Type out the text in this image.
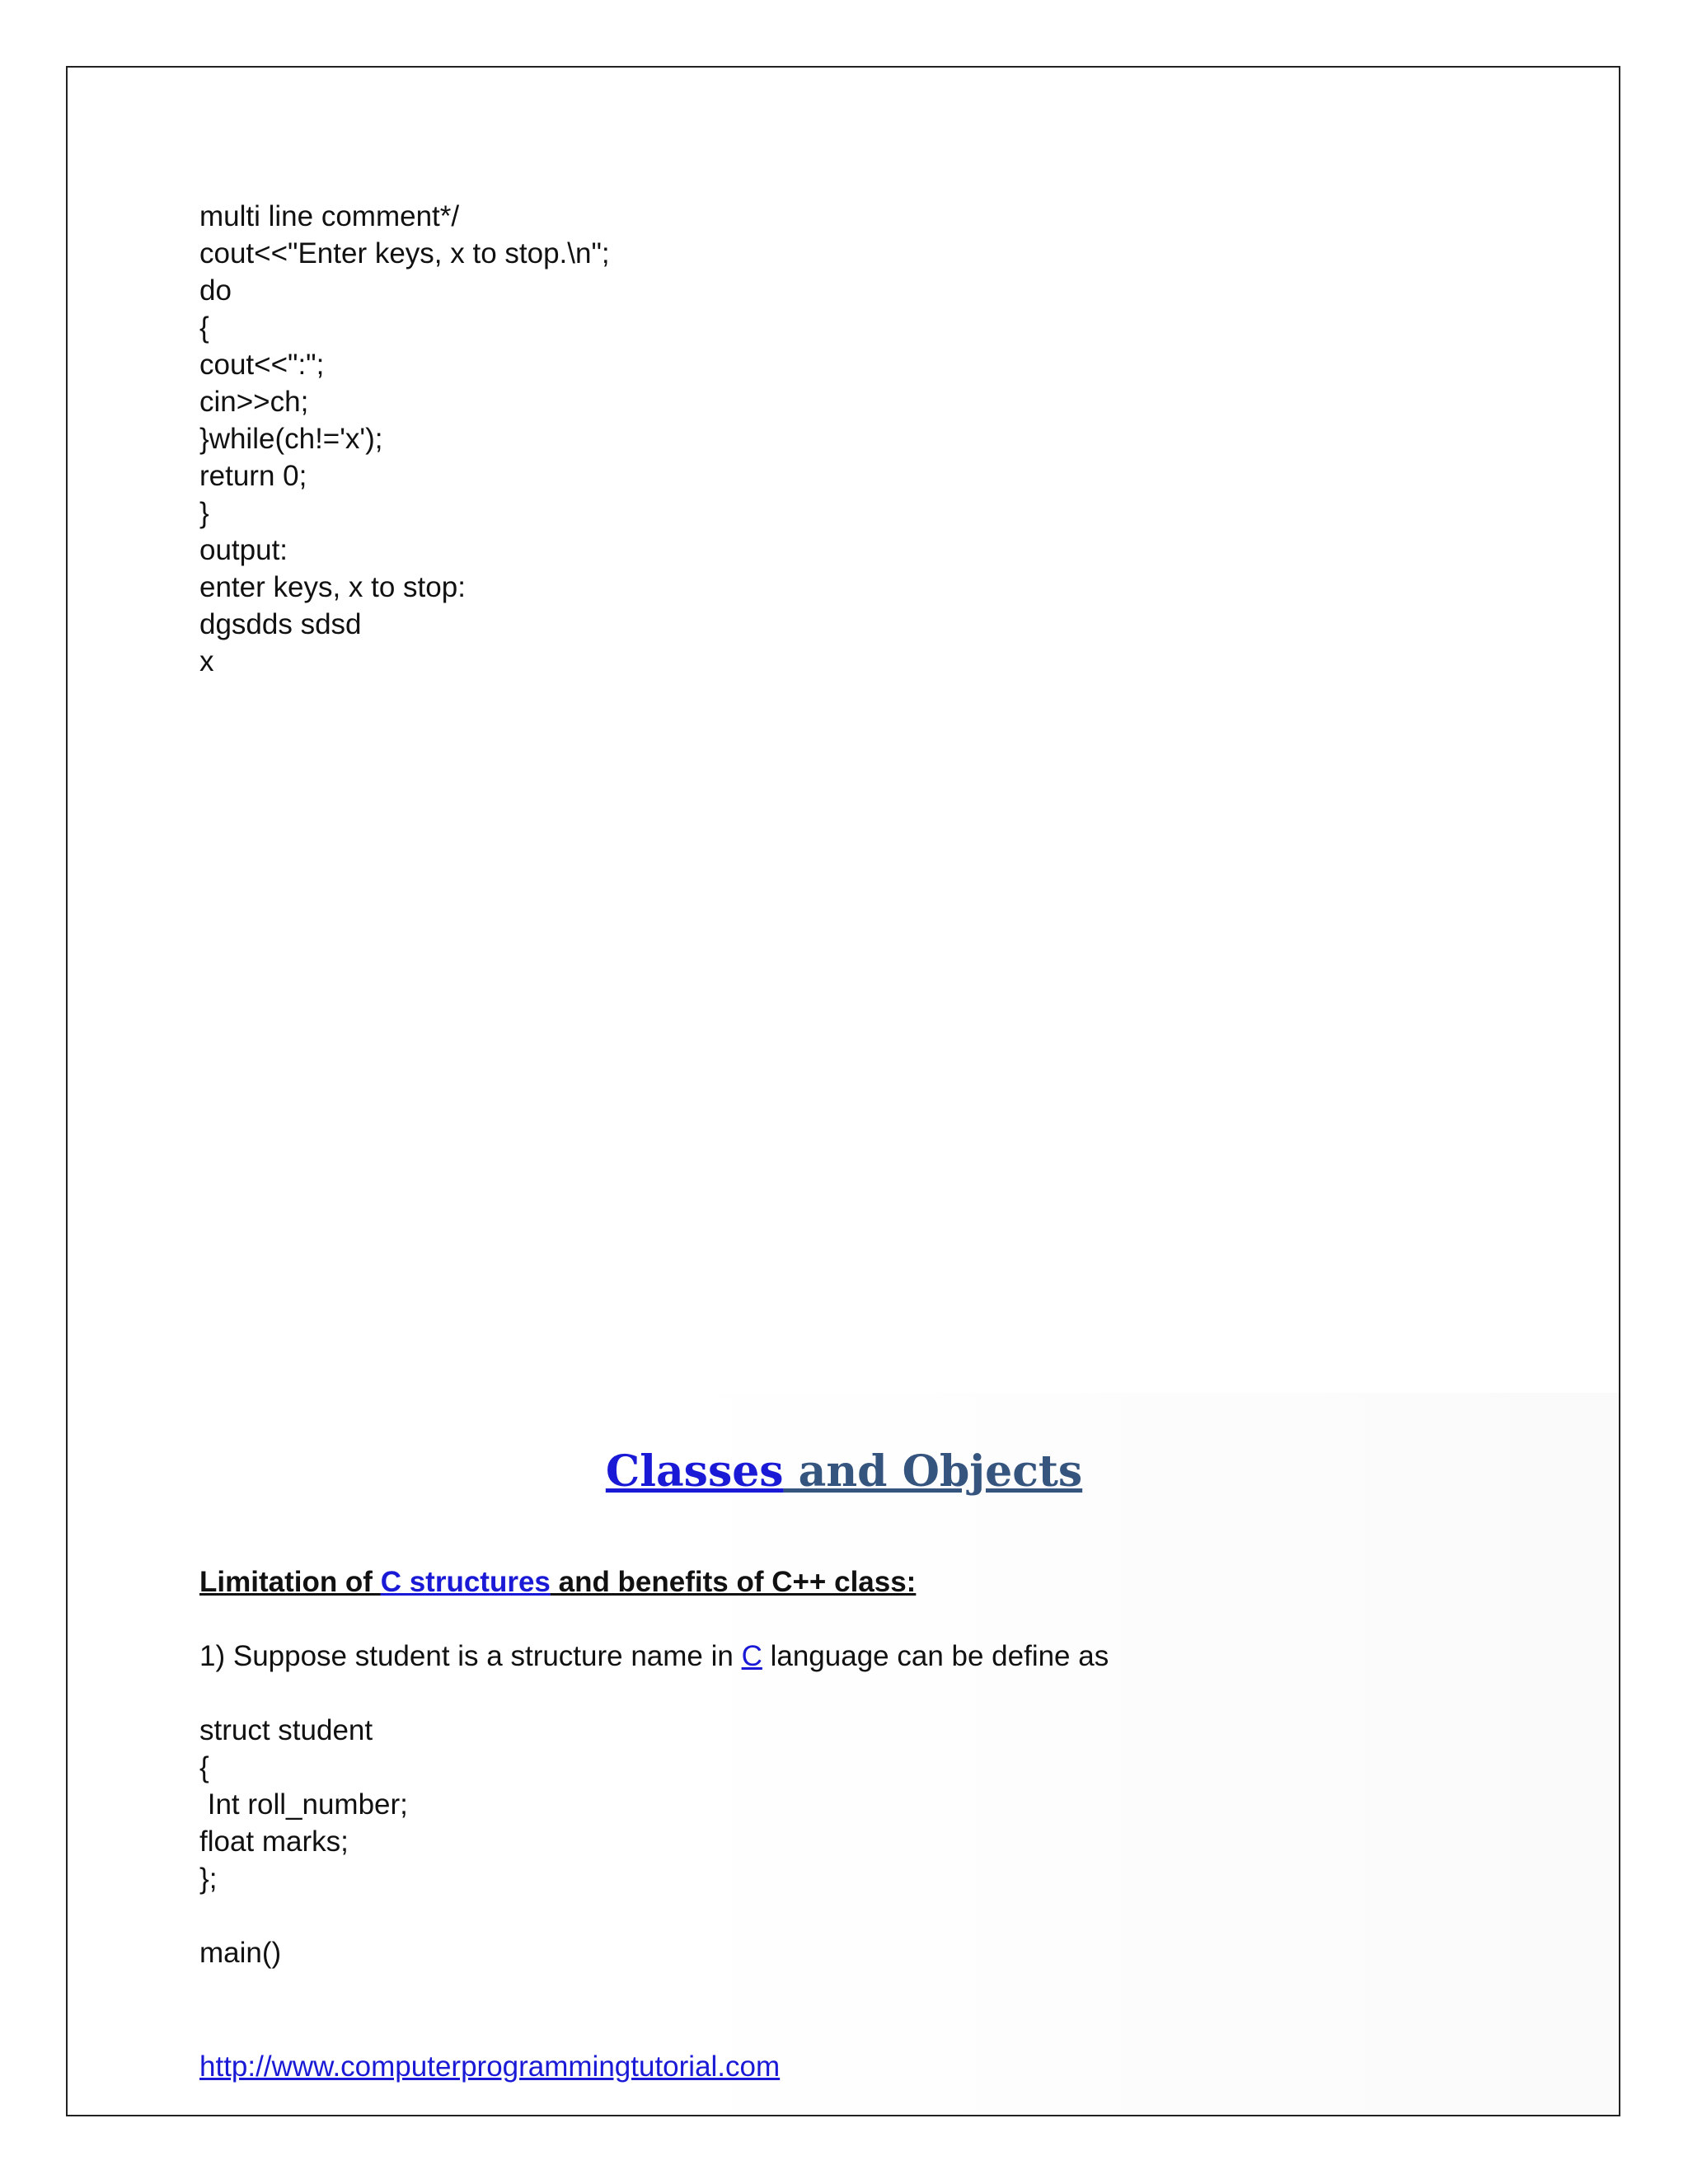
multi line comment*/
cout<<"Enter keys, x to stop.\n";
do
{
cout<<":";
cin>>ch;
}while(ch!='x');
return 0;
}
output:
enter keys, x to stop:
dgsdds sdsd
x
Classes and Objects
Limitation of C structures and benefits of C++ class:
1) Suppose student is a structure name in C language can be define as
struct student
{
Int roll_number;
float marks;
};
main()
http://www.computerprogrammingtutorial.com
